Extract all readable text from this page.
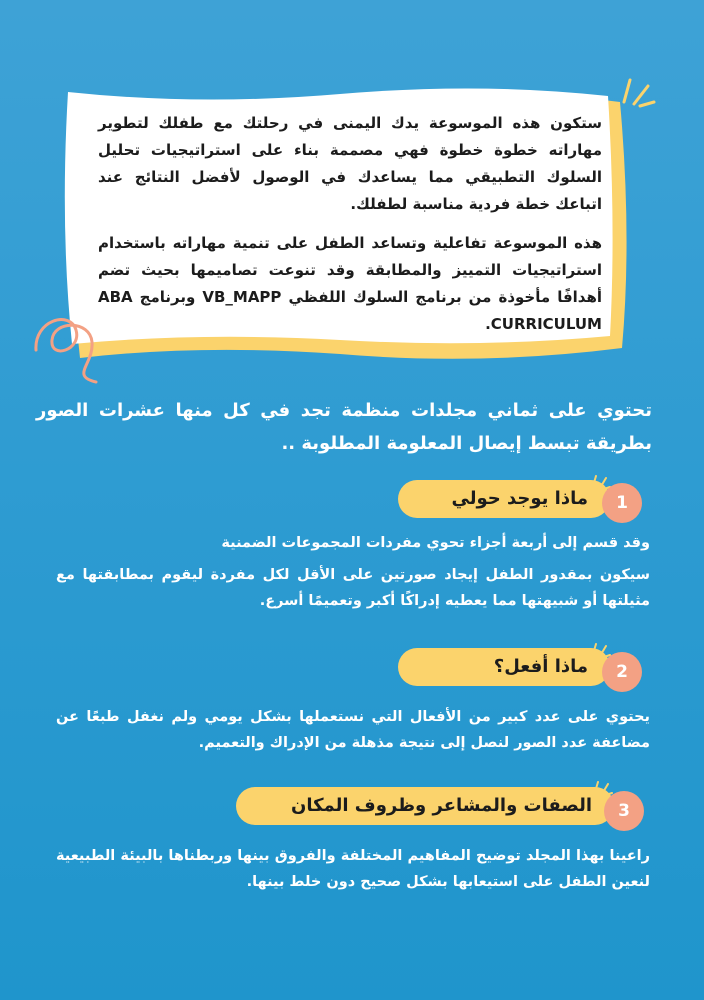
ستكون هذه الموسوعة يدك اليمنى في رحلتك مع طفلك لتطوير مهاراته خطوة خطوة فهي مصممة بناء على استراتيجيات تحليل السلوك التطبيقي مما يساعدك في الوصول لأفضل النتائج عند اتباعك خطة فردية مناسبة لطفلك.

هذه الموسوعة تفاعلية وتساعد الطفل على تنمية مهاراته باستخدام استراتيجيات التمييز والمطابقة وقد تنوعت تصاميمها بحيث تضم أهدافًا مأخوذة من برنامج السلوك اللفظي VB_MAPP وبرنامج ABA CURRICULUM.

تحتوي على ثماني مجلدات منظمة تجد في كل منها عشرات الصور بطريقة تبسط إيصال المعلومة المطلوبة ..
ماذا يوجد حولي	1

وقد قسم إلى أربعة أجزاء تحوي مفردات المجموعات الضمنية

سيكون بمقدور الطفل إيجاد صورتين على الأقل لكل مفردة ليقوم بمطابقتها مع مثيلتها أو شبيهتها مما يعطيه إدراكًا أكبر وتعميمًا أسرع.

ماذا أفعل؟	2

يحتوي على عدد كبير من الأفعال التي نستعملها بشكل يومي ولم نغفل طبعًا عن مضاعفة عدد الصور لنصل إلى نتيجة مذهلة من الإدراك والتعميم.

الصفات والمشاعر وظروف المكان	3

راعينا بهذا المجلد توضيح المفاهيم المختلفة والفروق بينها وربطناها بالبيئة الطبيعية لنعين الطفل على استيعابها بشكل صحيح دون خلط بينها.
